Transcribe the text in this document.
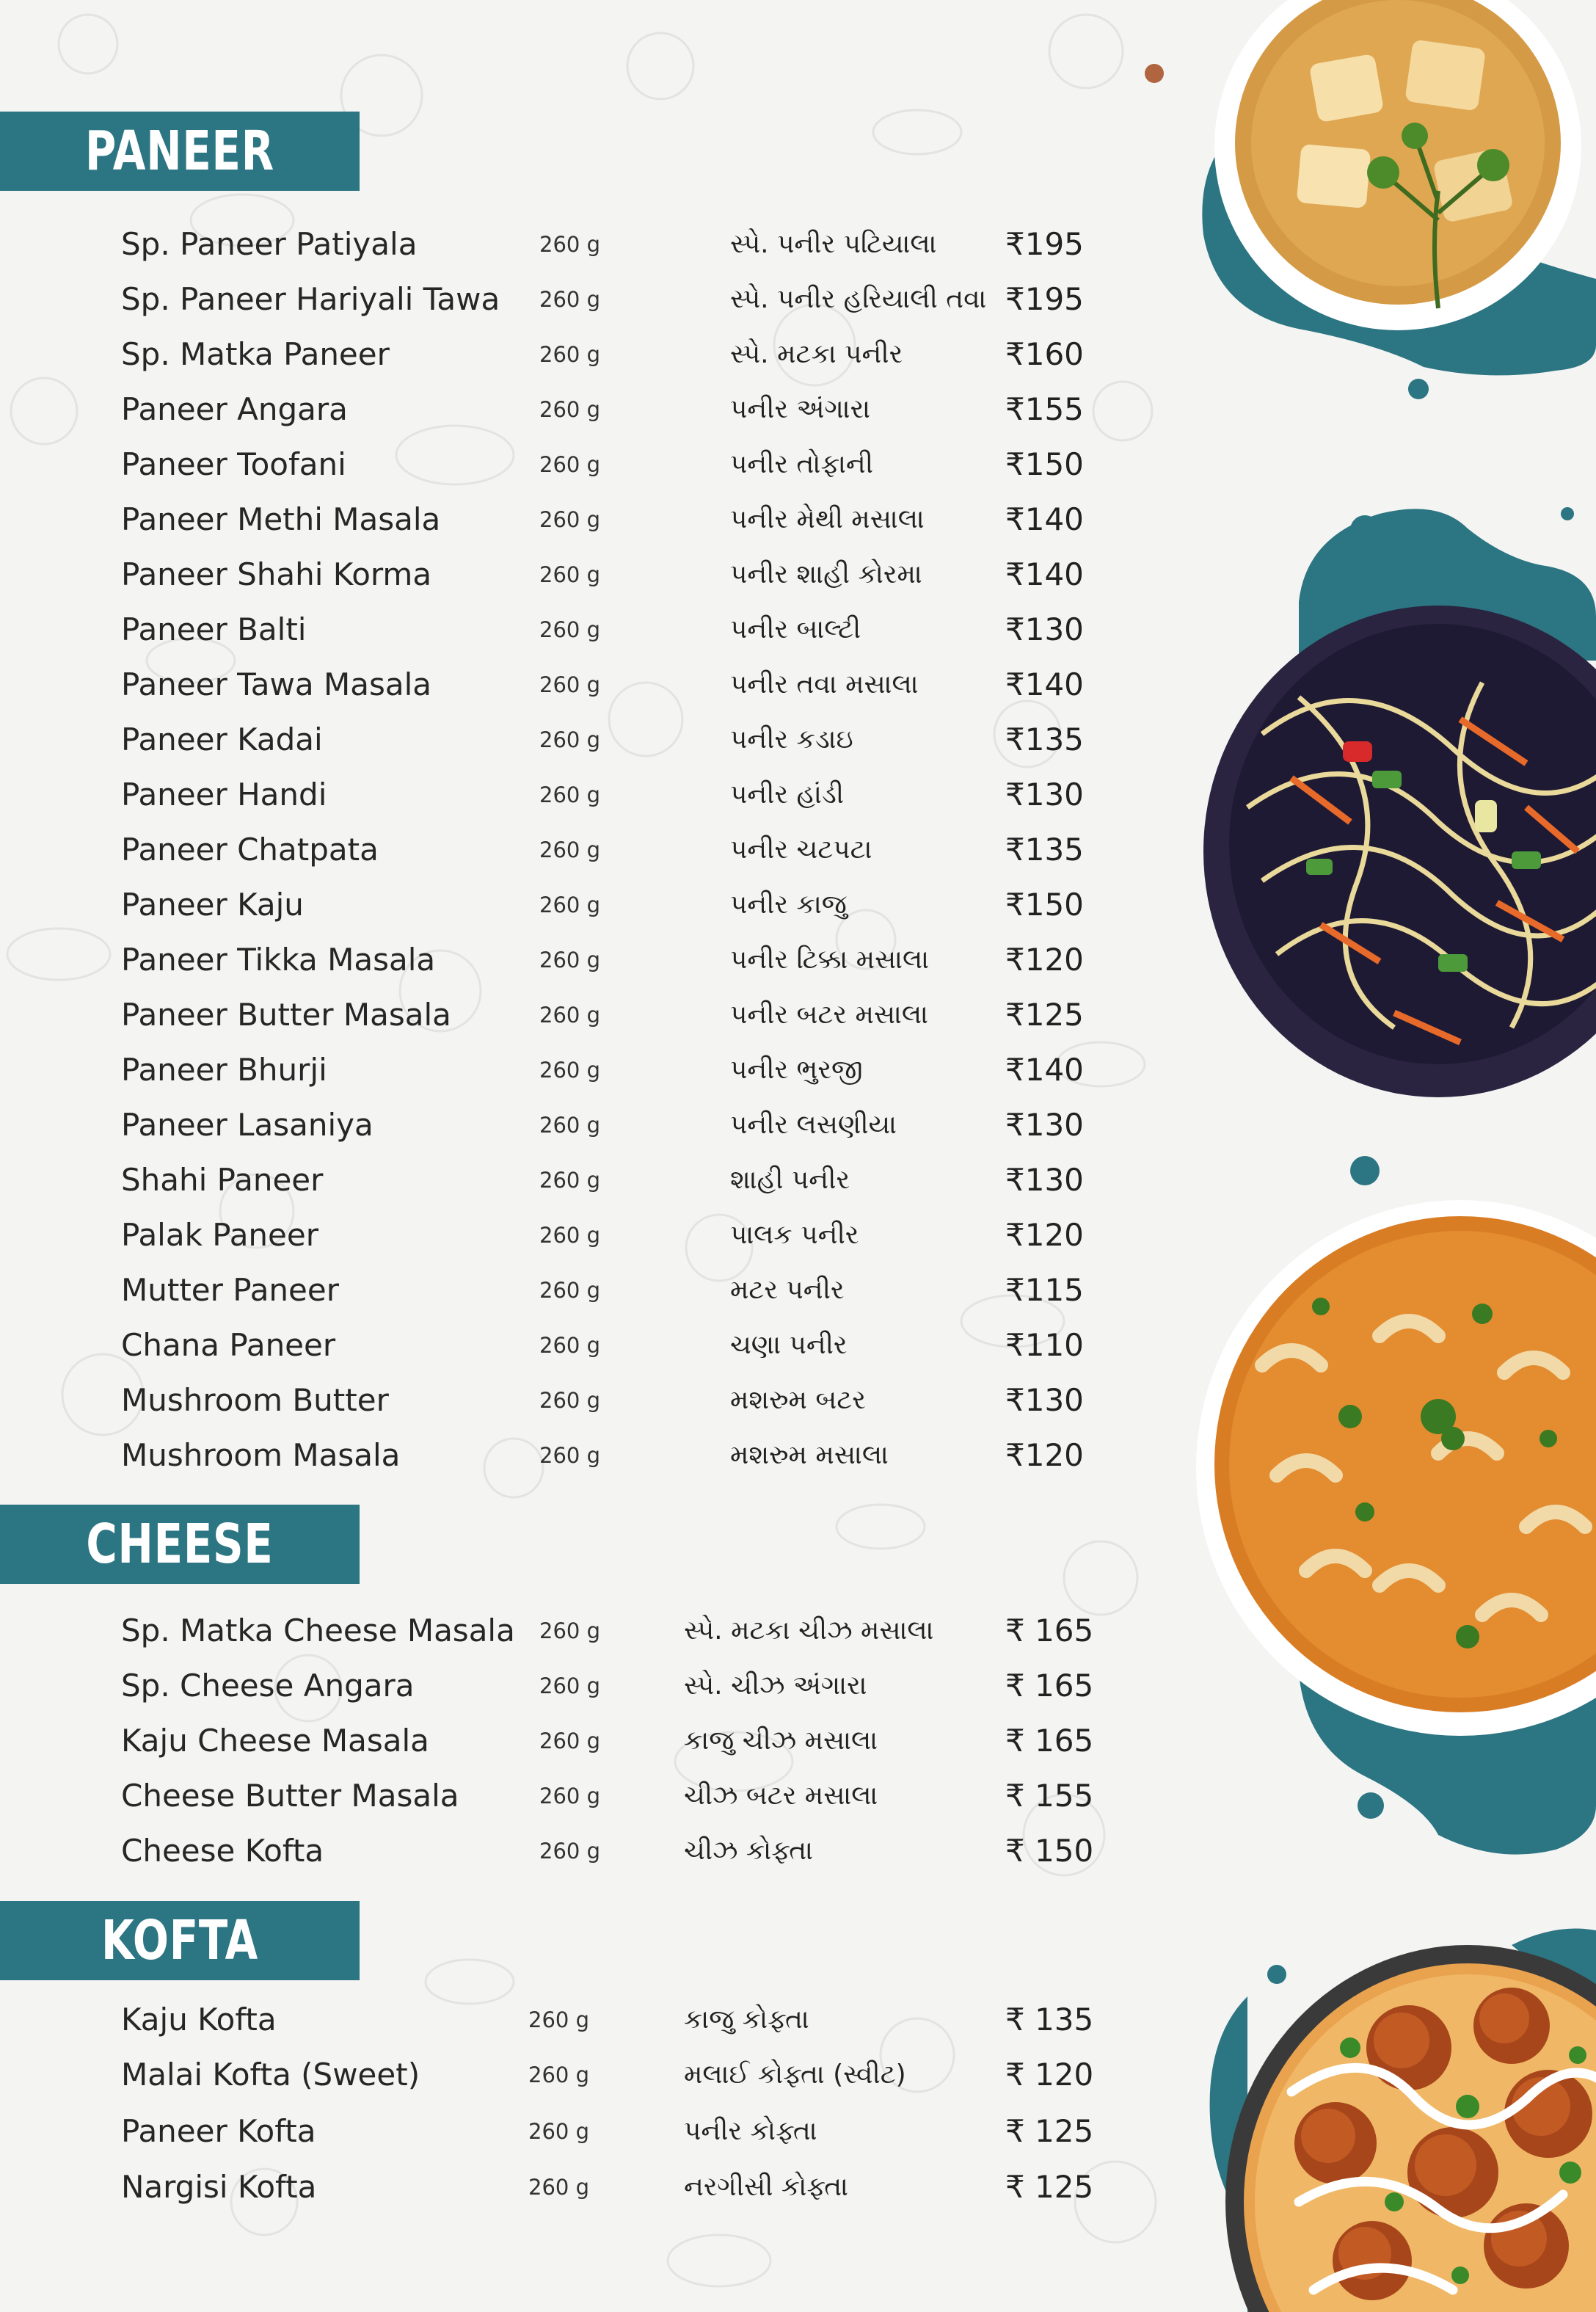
PANEER
Sp. Paneer Patiyala	260 g	સ્પે. પનીર પટિયાલા ₹195
Sp. Paneer Hariyali Tawa 260 g	સ્પે. પનીર હરિયાલી તવા ₹195
Sp. Matka Paneer	260 g	સ્પે. મટકા પનીર	₹160
Paneer Angara	260 g	પનીર અંગારા	₹155
Paneer Toofani	260 g	પનીર તોફાની	₹150
Paneer Methi Masala	260 g	પનીર મેથી મસાલા	₹140
Paneer Shahi Korma	260 g	પનીર શાહી કોરમા	₹140
Paneer Balti	260 g	પનીર બાલ્ટી	₹130
Paneer Tawa Masala	260 g	પનીર તવા મસાલા	₹140
Paneer Kadai	260 g	પનીર કડાઇ	₹135
Paneer Handi	260 g	પનીર હાંડી	₹130
Paneer Chatpata	260 g	પનીર ચટપટા	₹135
Paneer Kaju	260 g	પનીર કાજુ	₹150
Paneer Tikka Masala	260 g	પનીર ટિક્કા મસાલા ₹120
Paneer Butter Masala	260 g	પનીર બટર મસાલા	₹125
Paneer Bhurji	260 g	પનીર ભુરજી	₹140
Paneer Lasaniya	260 g	પનીર લસણીયા	₹130
Shahi Paneer	260 g	શાહી પનીર	₹130
Palak Paneer	260 g	પાલક પનીર	₹120
Mutter Paneer	260 g	મટર પનીર	₹115
Chana Paneer	260 g	ચણા પનીર	₹110
Mushroom Butter	260 g	મશરુમ બટર	₹130
Mushroom Masala	260 g	મશરુમ મસાલા	₹120
CHEESE
Sp. Matka Cheese Masala 260 g	સ્પે. મટકા ચીઝ મસાલા ₹ 165
Sp. Cheese Angara	260 g	સ્પે. ચીઝ અંગારા	₹ 165
Kaju Cheese Masala	260 g	કાજુ ચીઝ મસાલા	₹ 165
Cheese Butter Masala	260 g	ચીઝ બટર મસાલા	₹ 155
Cheese Kofta	260 g	ચીઝ કોફ્તા	₹ 150
KOFTA
Kaju Kofta	260 g	કાજુ કોફ્તા	₹ 135
Malai Kofta (Sweet)	260 g	મલાઈ કોફ્તા (સ્વીટ)	₹ 120
Paneer Kofta	260 g	પનીર કોફ્તા	₹ 125
Nargisi Kofta	260 g	નરગીસી કોફ્તા	₹ 125
